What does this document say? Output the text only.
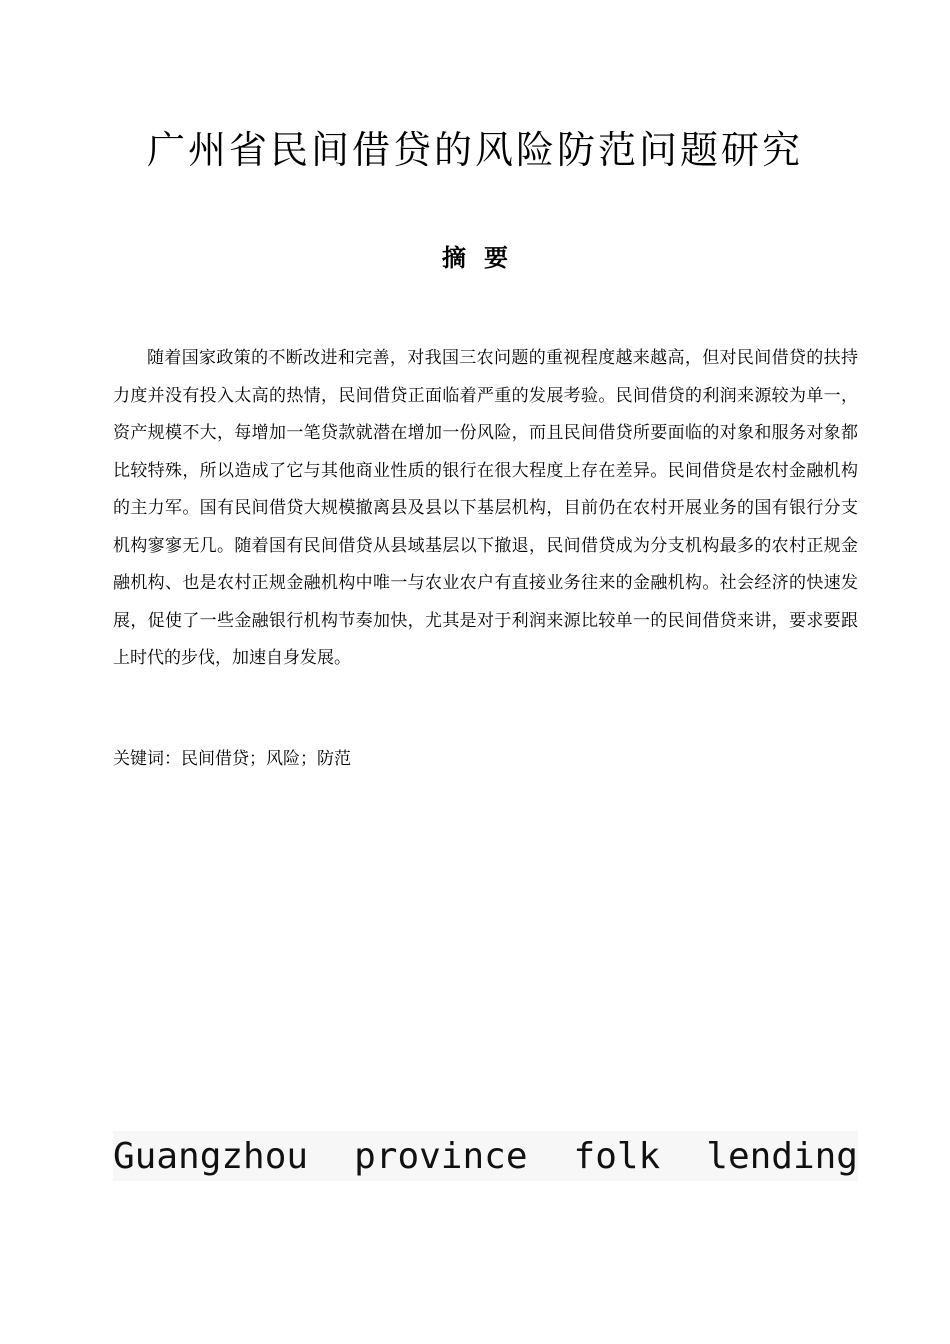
广州省民间借贷的风险防范问题研究
摘 要

随着国家政策的不断改进和完善，对我国三农问题的重视程度越来越高，但对民间借贷的扶持力度并没有投入太高的热情，民间借贷正面临着严重的发展考验。民间借贷的利润来源较为单一，资产规模不大，每增加一笔贷款就潜在增加一份风险，而且民间借贷所要面临的对象和服务对象都比较特殊，所以造成了它与其他商业性质的银行在很大程度上存在差异。民间借贷是农村金融机构的主力军。国有民间借贷大规模撤离县及县以下基层机构，目前仍在农村开展业务的国有银行分支机构寥寥无几。随着国有民间借贷从县域基层以下撤退，民间借贷成为分支机构最多的农村正规金融机构、也是农村正规金融机构中唯一与农业农户有直接业务往来的金融机构。社会经济的快速发展，促使了一些金融银行机构节奏加快，尤其是对于利润来源比较单一的民间借贷来讲，要求要跟上时代的步伐，加速自身发展。

关键词：民间借贷；风险；防范

Guangzhou province folk lending
